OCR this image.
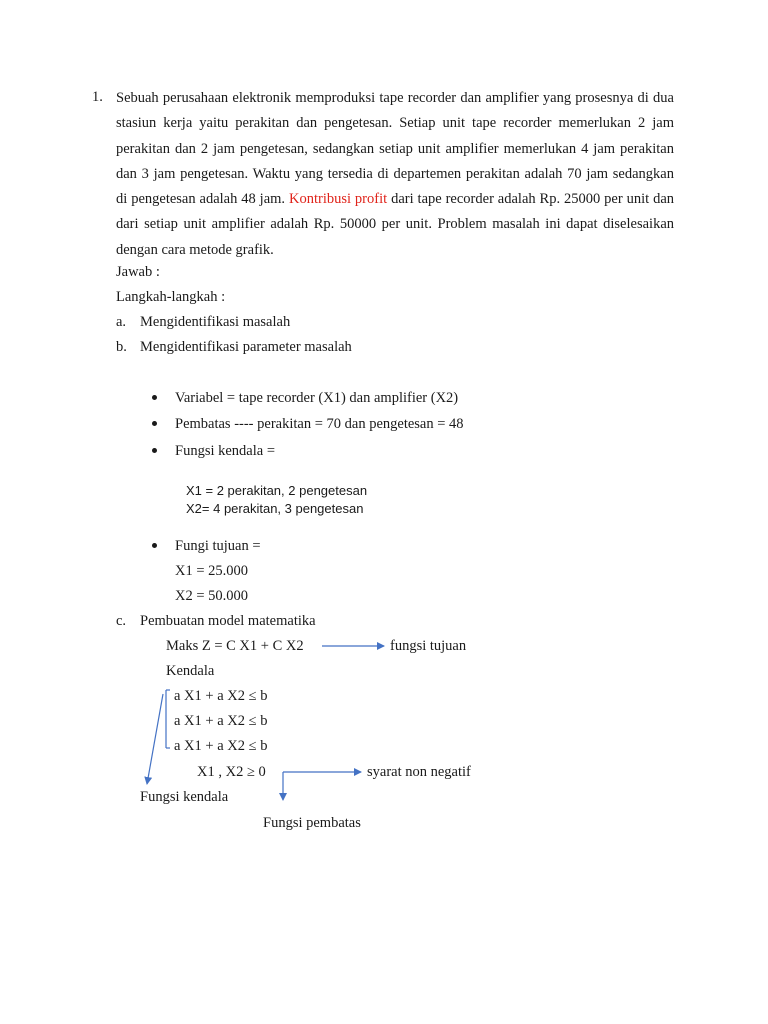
1. Sebuah perusahaan elektronik memproduksi tape recorder dan amplifier yang prosesnya di dua stasiun kerja yaitu perakitan dan pengetesan. Setiap unit tape recorder memerlukan 2 jam perakitan dan 2 jam pengetesan, sedangkan setiap unit amplifier memerlukan 4 jam perakitan dan 3 jam pengetesan. Waktu yang tersedia di departemen perakitan adalah 70 jam sedangkan di pengetesan adalah 48 jam. Kontribusi profit dari tape recorder adalah Rp. 25000 per unit dan dari setiap unit amplifier adalah Rp. 50000 per unit. Problem masalah ini dapat diselesaikan dengan cara metode grafik.
Jawab :
Langkah-langkah :
a. Mengidentifikasi masalah
b. Mengidentifikasi parameter masalah
Variabel = tape recorder (X1) dan amplifier (X2)
Pembatas ---- perakitan = 70 dan pengetesan = 48
Fungsi kendala =
X1 = 2 perakitan, 2 pengetesan
X2= 4 perakitan, 3 pengetesan
Fungi tujuan =
X1 = 25.000
X2 = 50.000
c. Pembuatan model matematika
Maks Z = C X1 + C X2	fungsi tujuan
Kendala
a X1 + a X2 ≤ b
a X1 + a X2 ≤ b
a X1 + a X2 ≤ b
X1 , X2 ≥ 0	syarat non negatif
Fungsi kendala
Fungsi pembatas
